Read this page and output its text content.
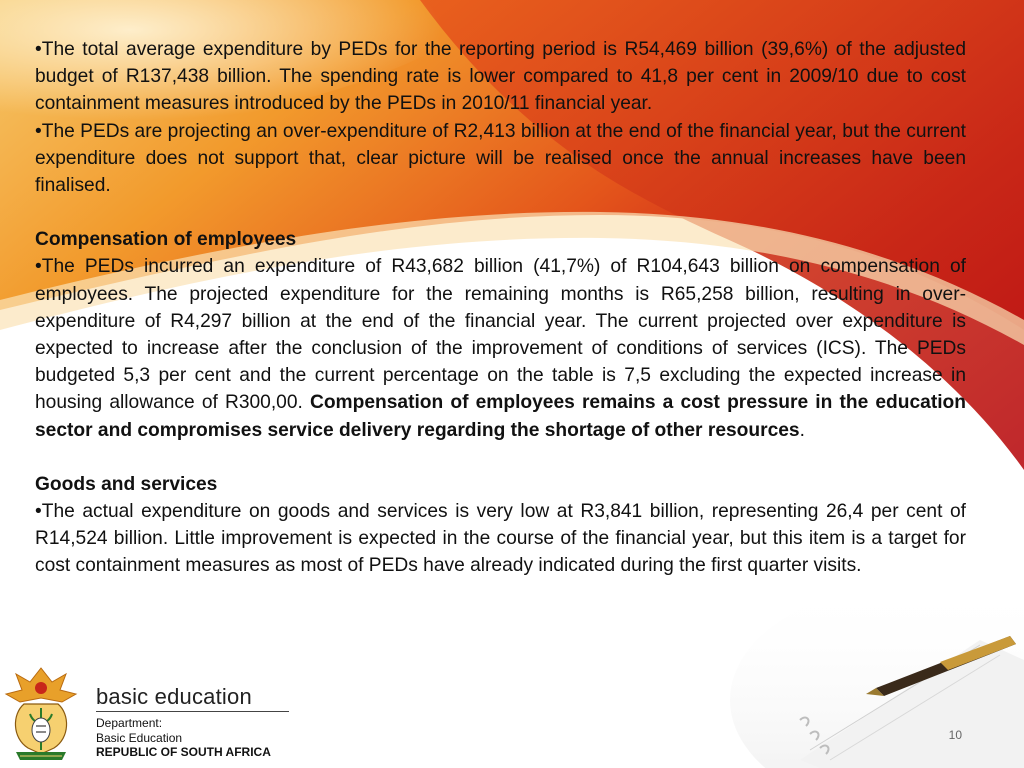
•The total average expenditure by PEDs for the reporting period is R54,469 billion (39,6%) of the adjusted budget of R137,438 billion. The spending rate is lower compared to 41,8 per cent in 2009/10 due to cost containment measures introduced by the PEDs in 2010/11 financial year.

•The PEDs are projecting an over-expenditure of R2,413 billion at the end of the financial year, but the current expenditure does not support that, clear picture will be realised once the annual increases have been finalised.

Compensation of employees

•The PEDs incurred an expenditure of R43,682 billion (41,7%) of R104,643 billion on compensation of employees. The projected expenditure for the remaining months is R65,258 billion, resulting in over-expenditure of R4,297 billion at the end of the financial year. The current projected over expenditure is expected to increase after the conclusion of the improvement of conditions of services (ICS). The PEDs budgeted 5,3 per cent and the current percentage on the table is 7,5 excluding the expected increase in housing allowance of R300,00. Compensation of employees remains a cost pressure in the education sector and compromises service delivery regarding the shortage of other resources.

Goods and services

•The actual expenditure on goods and services is very low at R3,841 billion, representing 26,4 per cent of R14,524 billion. Little improvement is expected in the course of the financial year, but this item is a target for cost containment measures as most of PEDs have already indicated during the first quarter visits.

basic education
Department:
Basic Education
REPUBLIC OF SOUTH AFRICA
10
